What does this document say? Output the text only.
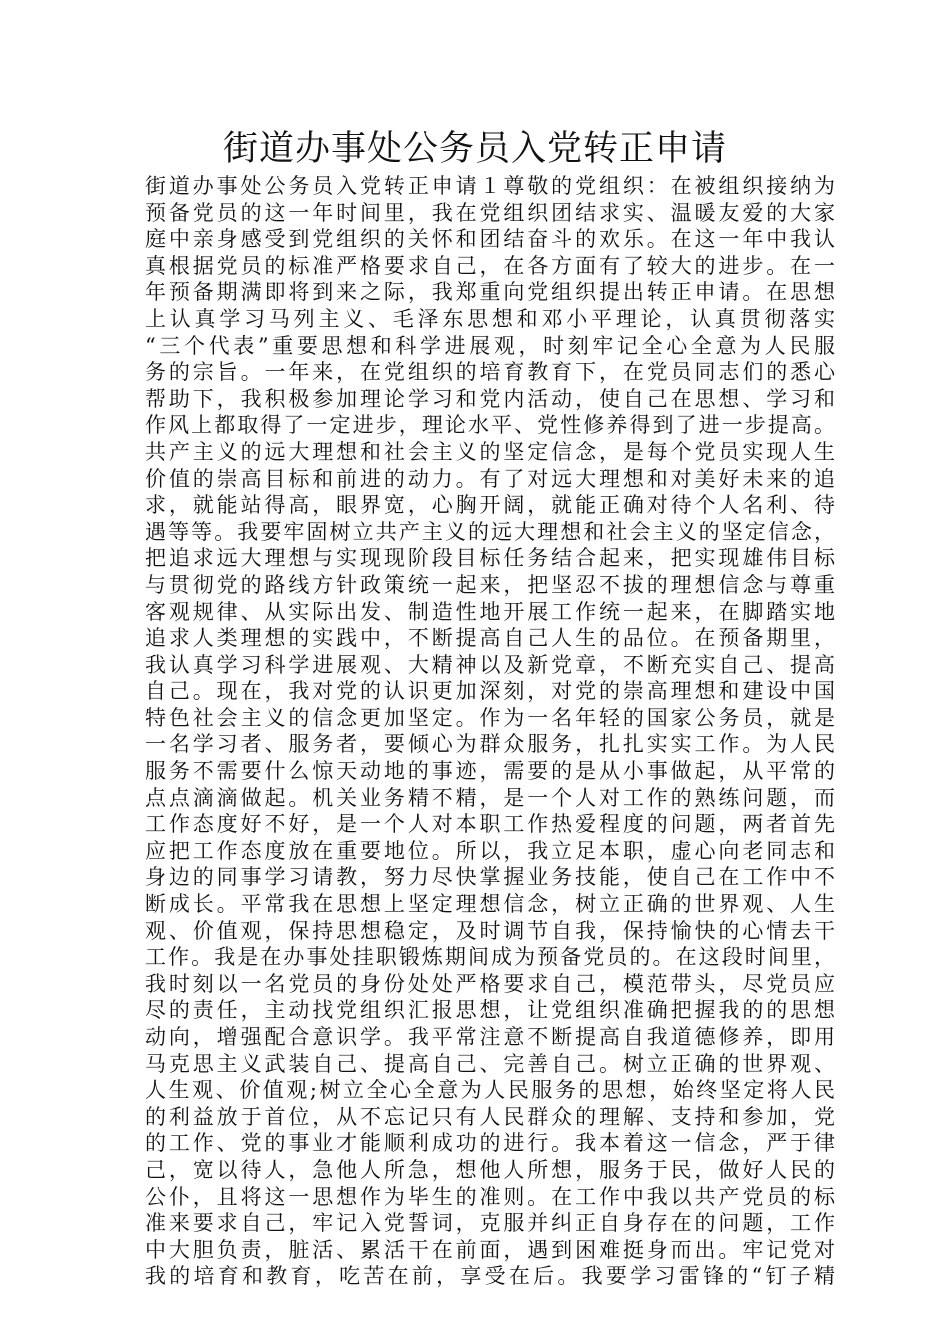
街道办事处公务员入党转正申请
街道办事处公务员入党转正申请１尊敬的党组织：在被组织接纳为
预备党员的这一年时间里，我在党组织团结求实、温暖友爱的大家
庭中亲身感受到党组织的关怀和团结奋斗的欢乐。在这一年中我认
真根据党员的标准严格要求自己，在各方面有了较大的进步。在一
年预备期满即将到来之际，我郑重向党组织提出转正申请。在思想
上认真学习马列主义、毛泽东思想和邓小平理论，认真贯彻落实
“三个代表”重要思想和科学进展观，时刻牢记全心全意为人民服
务的宗旨。一年来，在党组织的培育教育下，在党员同志们的悉心
帮助下，我积极参加理论学习和党内活动，使自己在思想、学习和
作风上都取得了一定进步，理论水平、党性修养得到了进一步提高。
共产主义的远大理想和社会主义的坚定信念，是每个党员实现人生
价值的崇高目标和前进的动力。有了对远大理想和对美好未来的追
求，就能站得高，眼界宽，心胸开阔，就能正确对待个人名利、待
遇等等。我要牢固树立共产主义的远大理想和社会主义的坚定信念，
把追求远大理想与实现现阶段目标任务结合起来，把实现雄伟目标
与贯彻党的路线方针政策统一起来，把坚忍不拔的理想信念与尊重
客观规律、从实际出发、制造性地开展工作统一起来，在脚踏实地
追求人类理想的实践中，不断提高自己人生的品位。在预备期里，
我认真学习科学进展观、大精神以及新党章，不断充实自己、提高
自己。现在，我对党的认识更加深刻，对党的崇高理想和建设中国
特色社会主义的信念更加坚定。作为一名年轻的国家公务员，就是
一名学习者、服务者，要倾心为群众服务，扎扎实实工作。为人民
服务不需要什么惊天动地的事迹，需要的是从小事做起，从平常的
点点滴滴做起。机关业务精不精，是一个人对工作的熟练问题，而
工作态度好不好，是一个人对本职工作热爱程度的问题，两者首先
应把工作态度放在重要地位。所以，我立足本职，虚心向老同志和
身边的同事学习请教，努力尽快掌握业务技能，使自己在工作中不
断成长。平常我在思想上坚定理想信念，树立正确的世界观、人生
观、价值观，保持思想稳定，及时调节自我，保持愉快的心情去干
工作。我是在办事处挂职锻炼期间成为预备党员的。在这段时间里，
我时刻以一名党员的身份处处严格要求自己，模范带头，尽党员应
尽的责任，主动找党组织汇报思想，让党组织准确把握我的的思想
动向，增强配合意识学。我平常注意不断提高自我道德修养，即用
马克思主义武装自己、提高自己、完善自己。树立正确的世界观、
人生观、价值观;树立全心全意为人民服务的思想，始终坚定将人民
的利益放于首位，从不忘记只有人民群众的理解、支持和参加，党
的工作、党的事业才能顺利成功的进行。我本着这一信念，严于律
己，宽以待人，急他人所急，想他人所想，服务于民，做好人民的
公仆，且将这一思想作为毕生的准则。在工作中我以共产党员的标
准来要求自己，牢记入党誓词，克服并纠正自身存在的问题，工作
中大胆负责，脏活、累活干在前面，遇到困难挺身而出。牢记党对
我的培育和教育，吃苦在前，享受在后。我要学习雷锋的“钉子精
